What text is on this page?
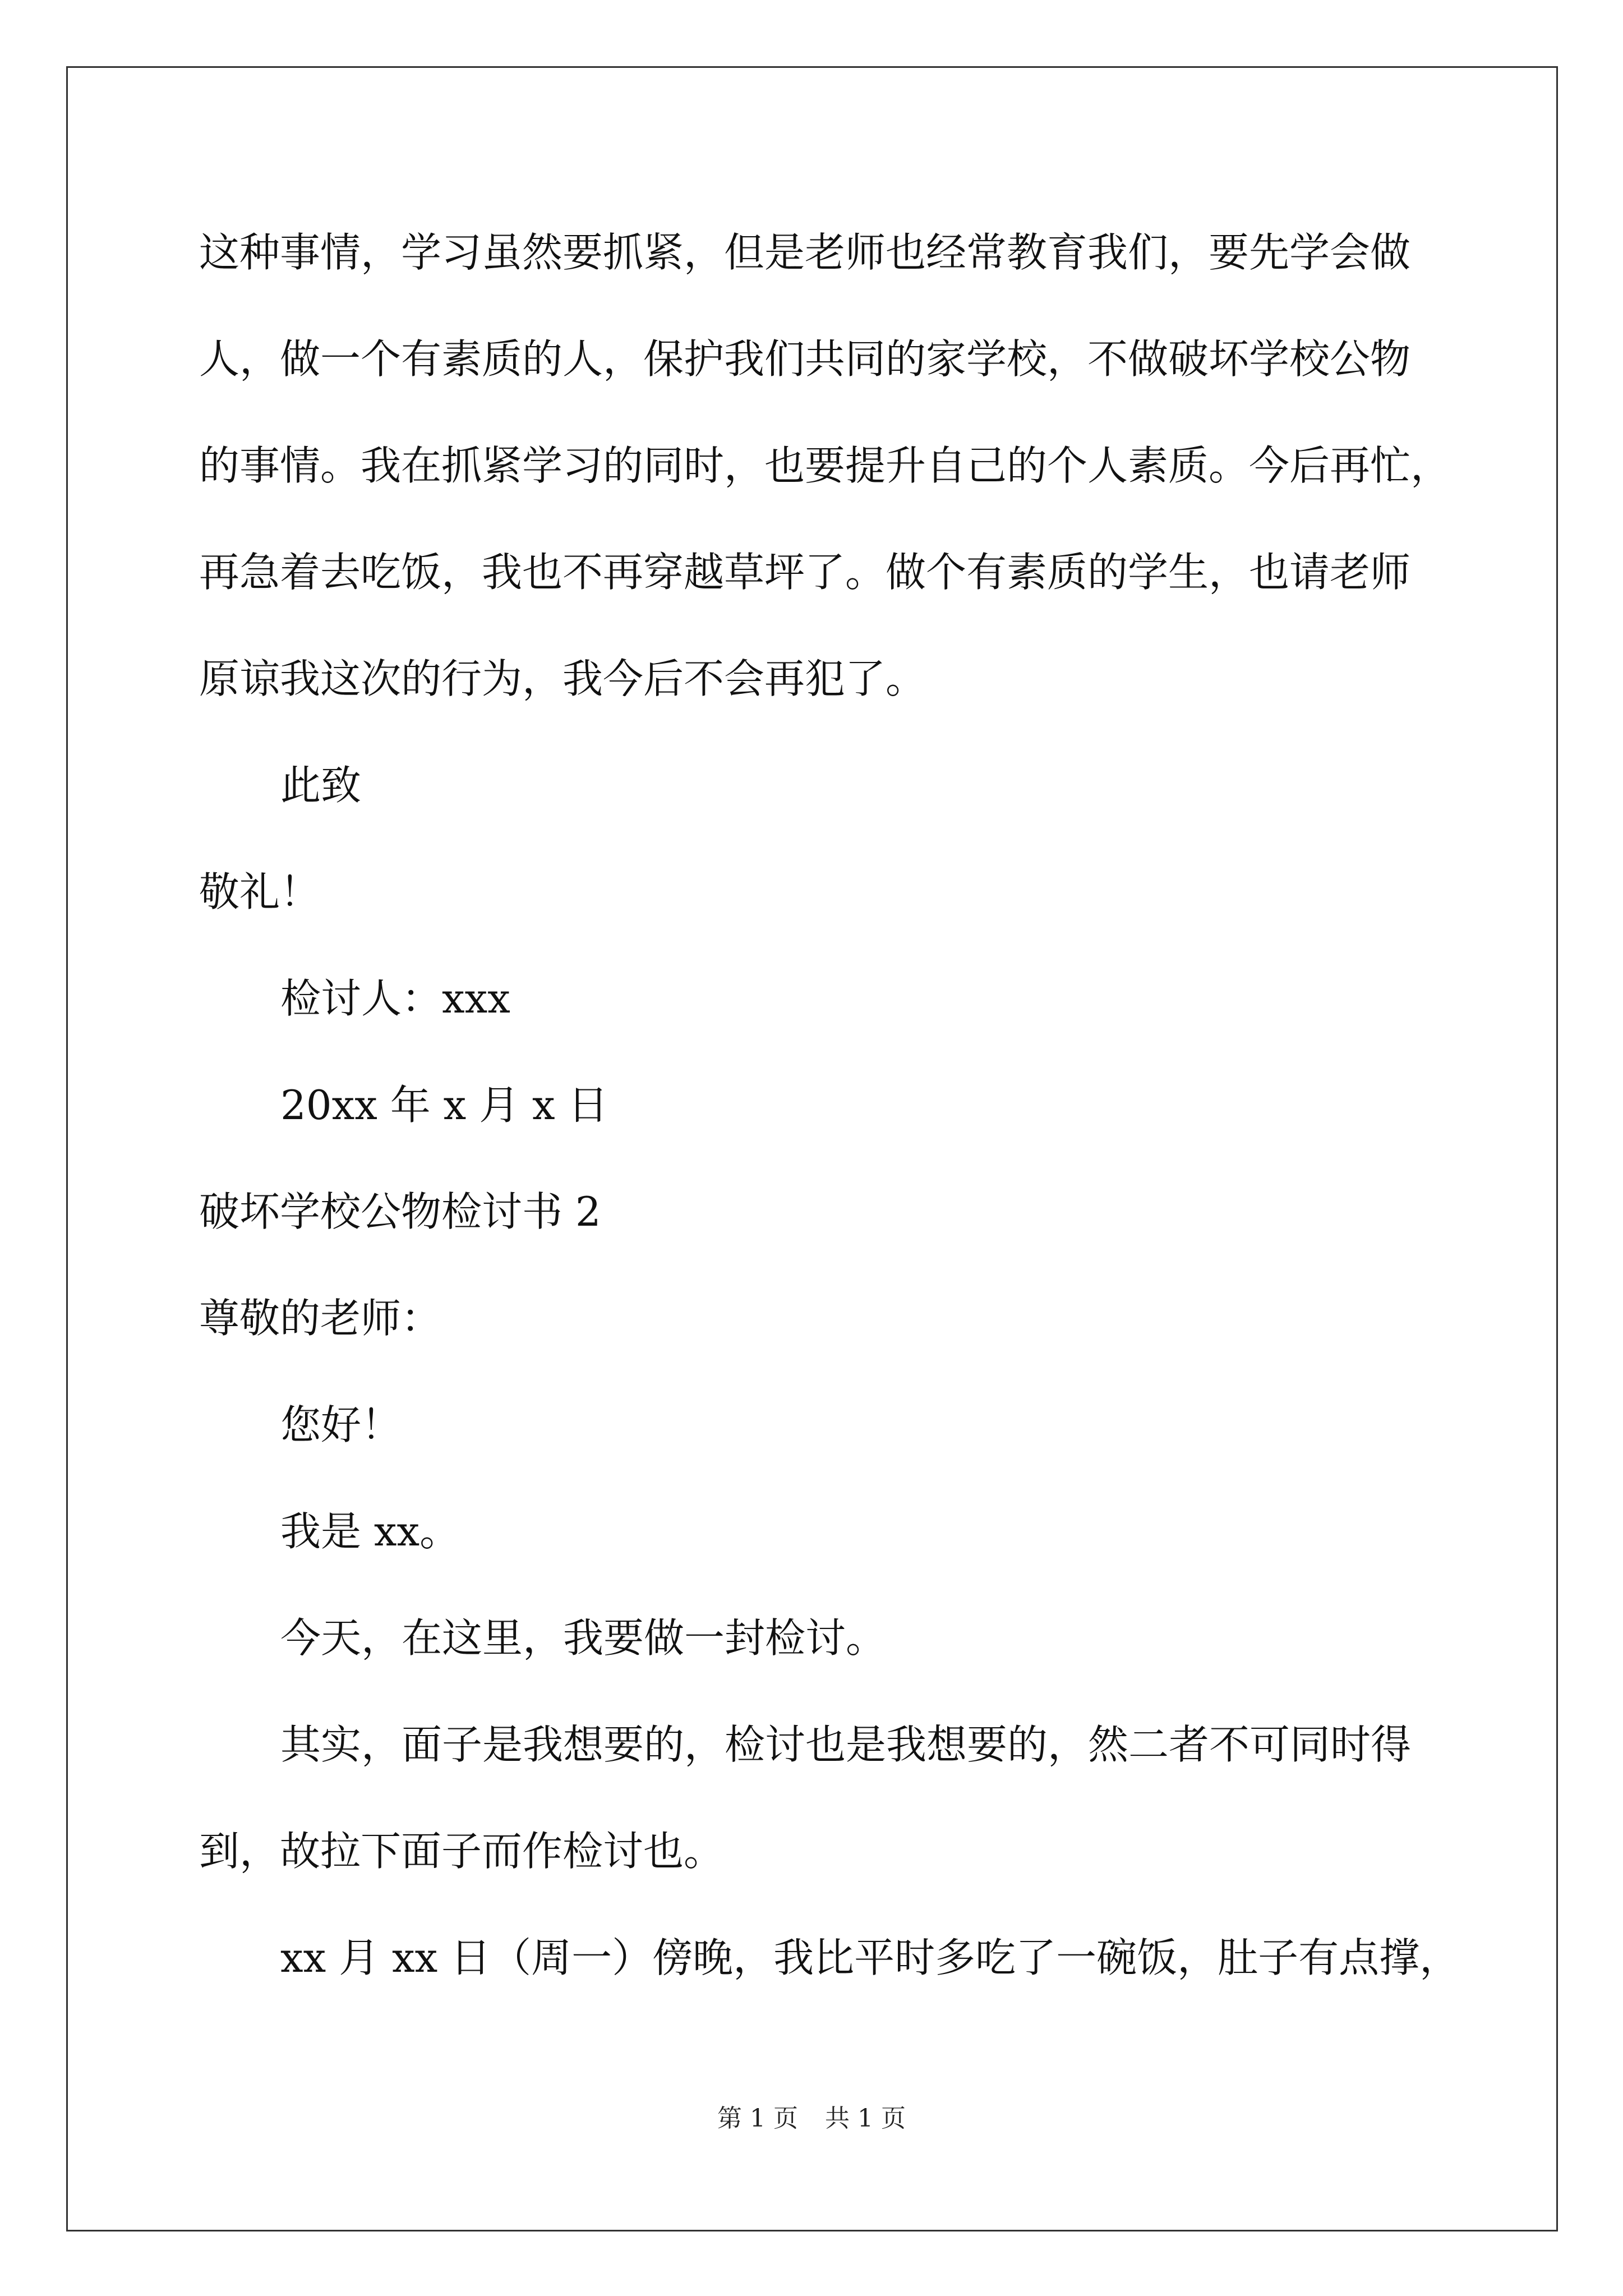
这种事情，学习虽然要抓紧，但是老师也经常教育我们，要先学会做
人，做一个有素质的人，保护我们共同的家学校，不做破坏学校公物
的事情。我在抓紧学习的同时，也要提升自己的个人素质。今后再忙，
再急着去吃饭，我也不再穿越草坪了。做个有素质的学生，也请老师
原谅我这次的行为，我今后不会再犯了。
此致
敬礼！
检讨人：xxx
20xx 年 x 月 x 日
破坏学校公物检讨书 2
尊敬的老师：
您好！
我是 xx。
今天，在这里，我要做一封检讨。
其实，面子是我想要的，检讨也是我想要的，然二者不可同时得
到，故拉下面子而作检讨也。
xx 月 xx 日（周一）傍晚，我比平时多吃了一碗饭，肚子有点撑，
第 1 页 共 1 页
